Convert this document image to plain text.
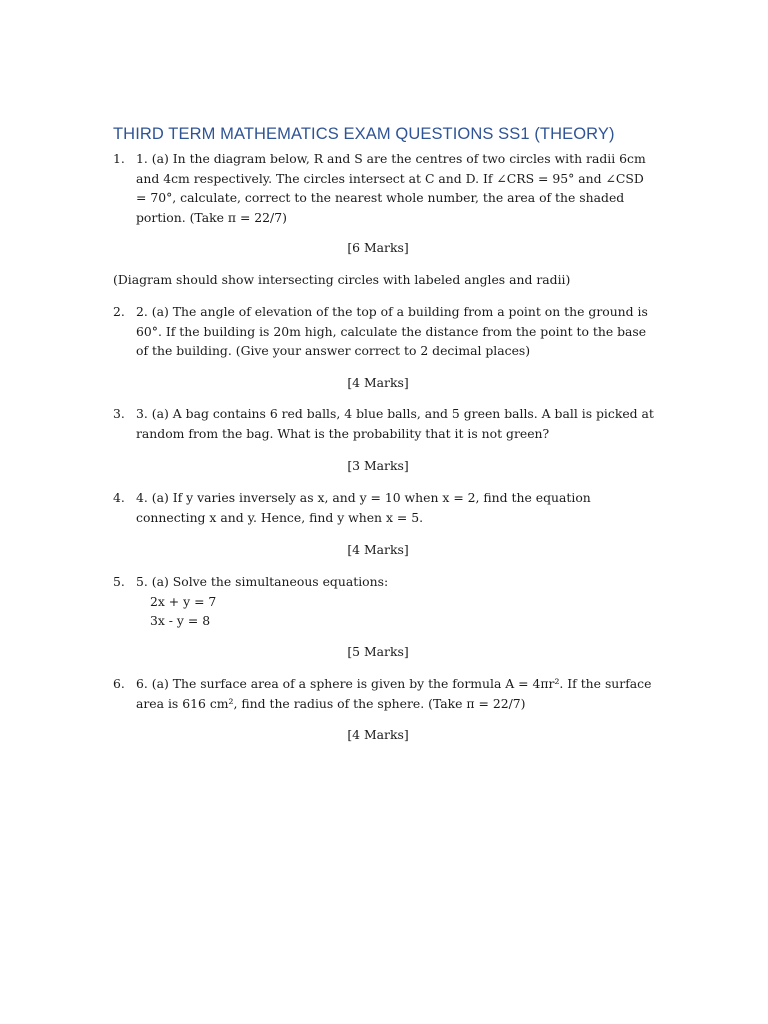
THIRD TERM MATHEMATICS EXAM QUESTIONS SS1 (THEORY)
1. 1. (a) In the diagram below, R and S are the centres of two circles with radii 6cm and 4cm respectively. The circles intersect at C and D. If ∠CRS = 95° and ∠CSD = 70°, calculate, correct to the nearest whole number, the area of the shaded portion. (Take π = 22/7)
[6 Marks]
(Diagram should show intersecting circles with labeled angles and radii)
2. 2. (a) The angle of elevation of the top of a building from a point on the ground is 60°. If the building is 20m high, calculate the distance from the point to the base of the building. (Give your answer correct to 2 decimal places)
[4 Marks]
3. 3. (a) A bag contains 6 red balls, 4 blue balls, and 5 green balls. A ball is picked at random from the bag. What is the probability that it is not green?
[3 Marks]
4. 4. (a) If y varies inversely as x, and y = 10 when x = 2, find the equation connecting x and y. Hence, find y when x = 5.
[4 Marks]
5. 5. (a) Solve the simultaneous equations:
2x + y = 7
3x - y = 8
[5 Marks]
6. 6. (a) The surface area of a sphere is given by the formula A = 4πr². If the surface area is 616 cm², find the radius of the sphere. (Take π = 22/7)
[4 Marks]
